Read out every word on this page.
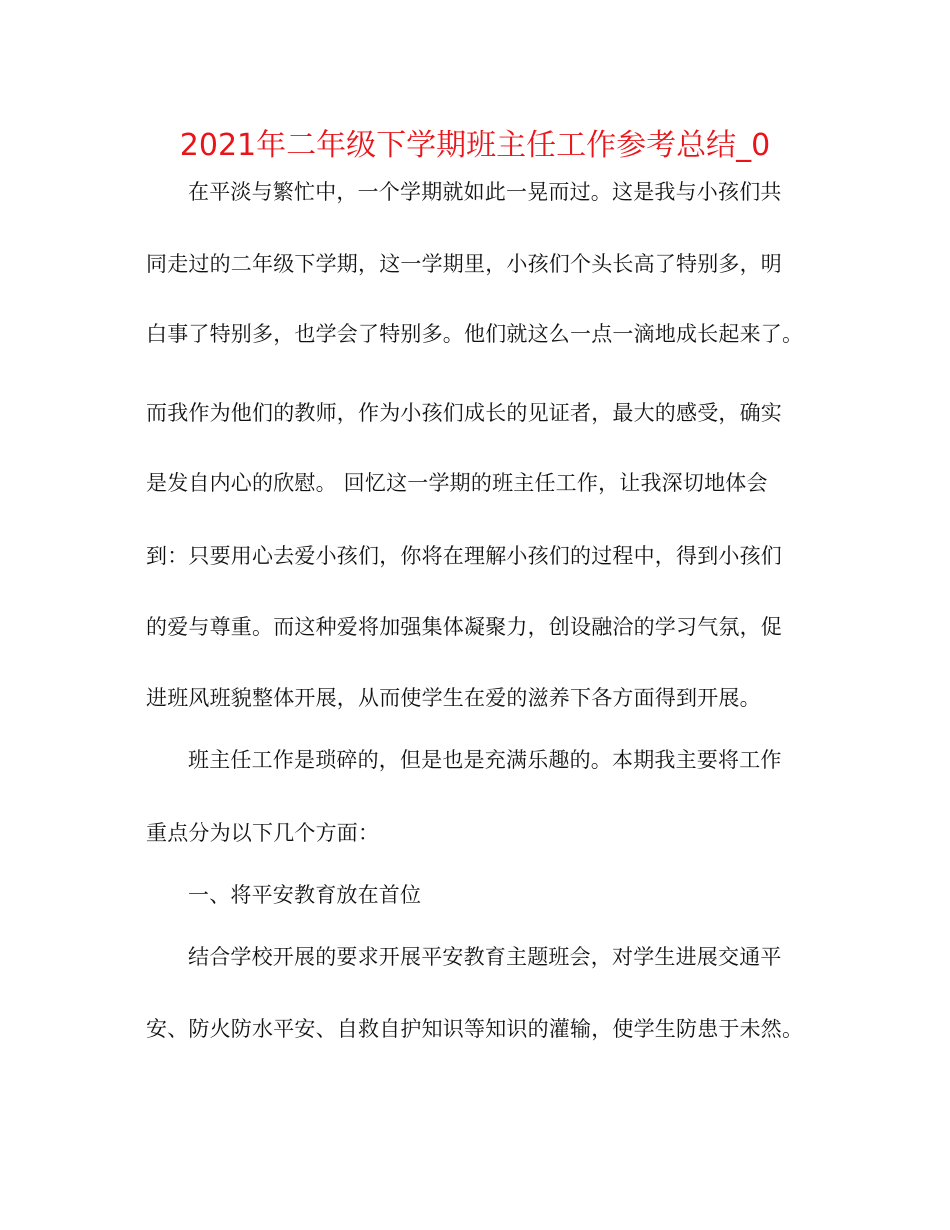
2021年二年级下学期班主任工作参考总结_0
在平淡与繁忙中，一个学期就如此一晃而过。这是我与小孩们共
同走过的二年级下学期，这一学期里，小孩们个头长高了特别多，明
白事了特别多，也学会了特别多。他们就这么一点一滴地成长起来了。
而我作为他们的教师，作为小孩们成长的见证者，最大的感受，确实
是发自内心的欣慰。 回忆这一学期的班主任工作，让我深切地体会
到：只要用心去爱小孩们，你将在理解小孩们的过程中，得到小孩们
的爱与尊重。而这种爱将加强集体凝聚力，创设融洽的学习气氛，促
进班风班貌整体开展，从而使学生在爱的滋养下各方面得到开展。
班主任工作是琐碎的，但是也是充满乐趣的。本期我主要将工作
重点分为以下几个方面：
一、将平安教育放在首位
结合学校开展的要求开展平安教育主题班会，对学生进展交通平
安、防火防水平安、自救自护知识等知识的灌输，使学生防患于未然。
